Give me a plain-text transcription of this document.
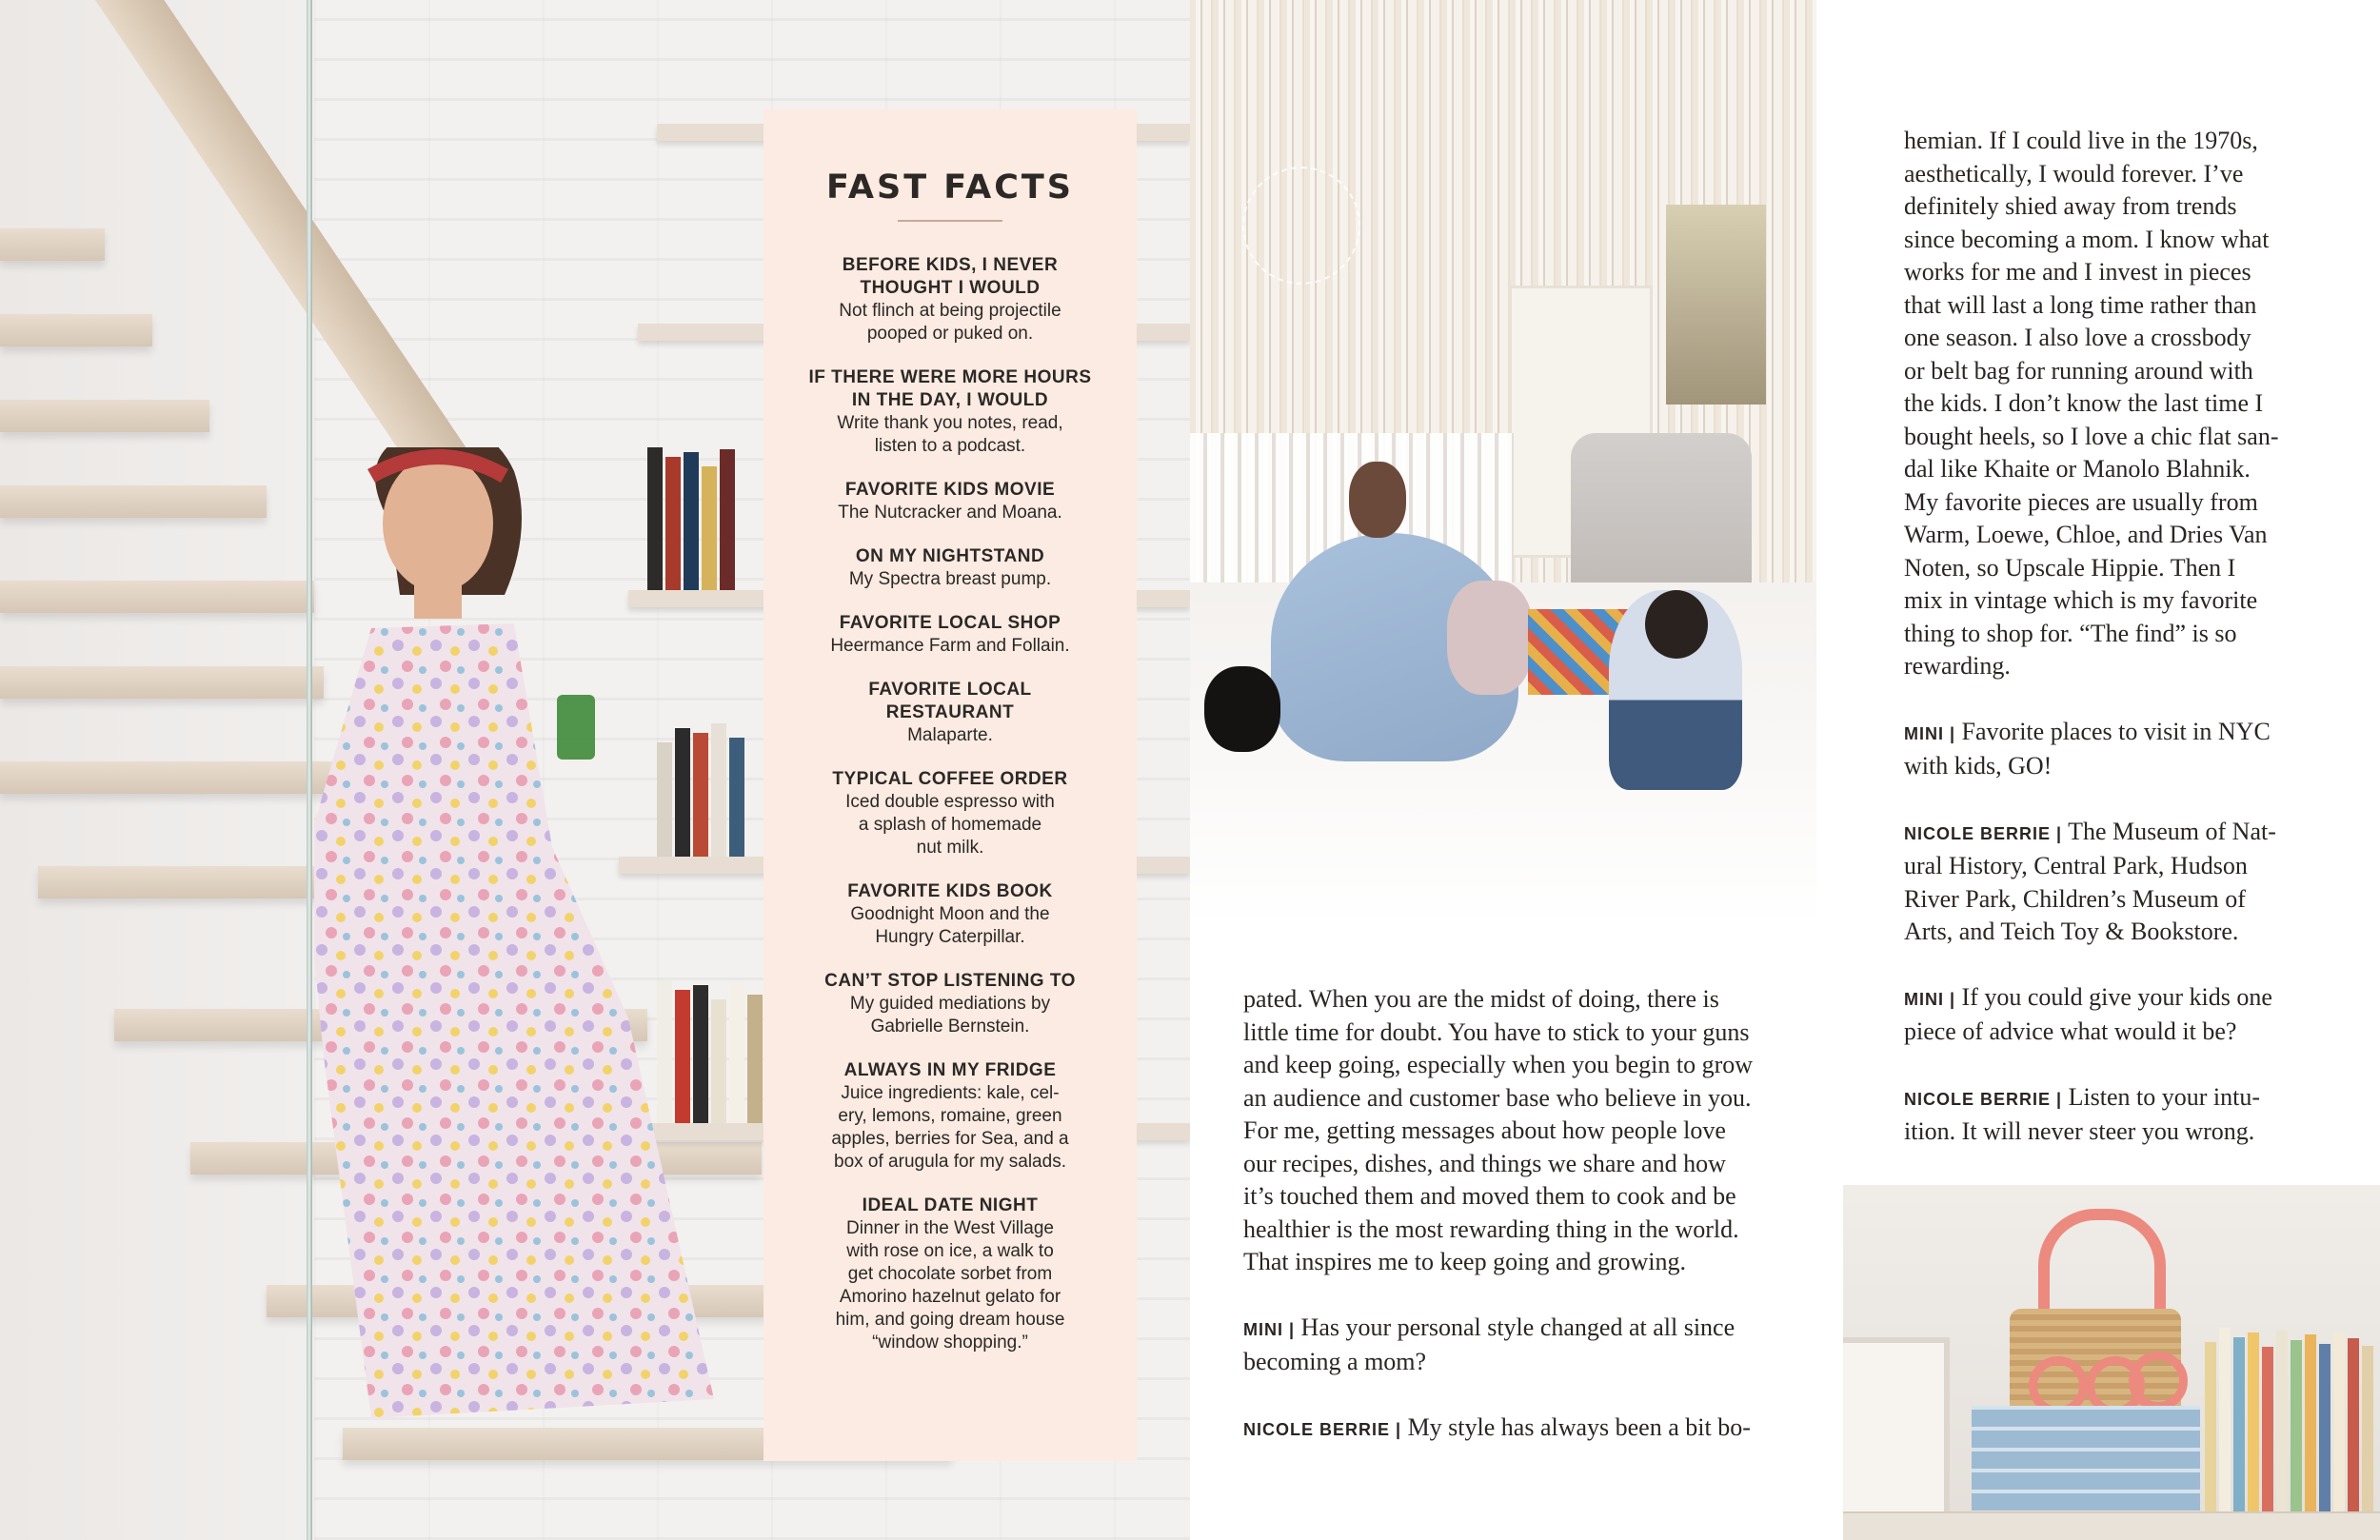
FAST FACTS
BEFORE KIDS, I NEVER
THOUGHT I WOULD
Not flinch at being projectile
pooped or puked on.
IF THERE WERE MORE HOURS
IN THE DAY, I WOULD
Write thank you notes, read,
listen to a podcast.
FAVORITE KIDS MOVIE
The Nutcracker and Moana.
ON MY NIGHTSTAND
My Spectra breast pump.
FAVORITE LOCAL SHOP
Heermance Farm and Follain.
FAVORITE LOCAL
RESTAURANT
Malaparte.
TYPICAL COFFEE ORDER
Iced double espresso with
a splash of homemade
nut milk.
FAVORITE KIDS BOOK
Goodnight Moon and the
Hungry Caterpillar.
CAN’T STOP LISTENING TO
My guided mediations by
Gabrielle Bernstein.
ALWAYS IN MY FRIDGE
Juice ingredients: kale, cel-
ery, lemons, romaine, green
apples, berries for Sea, and a
box of arugula for my salads.
IDEAL DATE NIGHT
Dinner in the West Village
with rose on ice, a walk to
get chocolate sorbet from
Amorino hazelnut gelato for
him, and going dream house
“window shopping.”

pated. When you are the midst of doing, there is
little time for doubt. You have to stick to your guns
and keep going, especially when you begin to grow
an audience and customer base who believe in you.
For me, getting messages about how people love
our recipes, dishes, and things we share and how
it’s touched them and moved them to cook and be
healthier is the most rewarding thing in the world.
That inspires me to keep going and growing.

MINI | Has your personal style changed at all since
becoming a mom?

NICOLE BERRIE | My style has always been a bit bo-

hemian. If I could live in the 1970s,
aesthetically, I would forever. I’ve
definitely shied away from trends
since becoming a mom. I know what
works for me and I invest in pieces
that will last a long time rather than
one season. I also love a crossbody
or belt bag for running around with
the kids. I don’t know the last time I
bought heels, so I love a chic flat san-
dal like Khaite or Manolo Blahnik.
My favorite pieces are usually from
Warm, Loewe, Chloe, and Dries Van
Noten, so Upscale Hippie. Then I
mix in vintage which is my favorite
thing to shop for. “The find” is so
rewarding.

MINI | Favorite places to visit in NYC
with kids, GO!

NICOLE BERRIE | The Museum of Nat-
ural History, Central Park, Hudson
River Park, Children’s Museum of
Arts, and Teich Toy & Bookstore.

MINI | If you could give your kids one
piece of advice what would it be?

NICOLE BERRIE | Listen to your intu-
ition. It will never steer you wrong.
